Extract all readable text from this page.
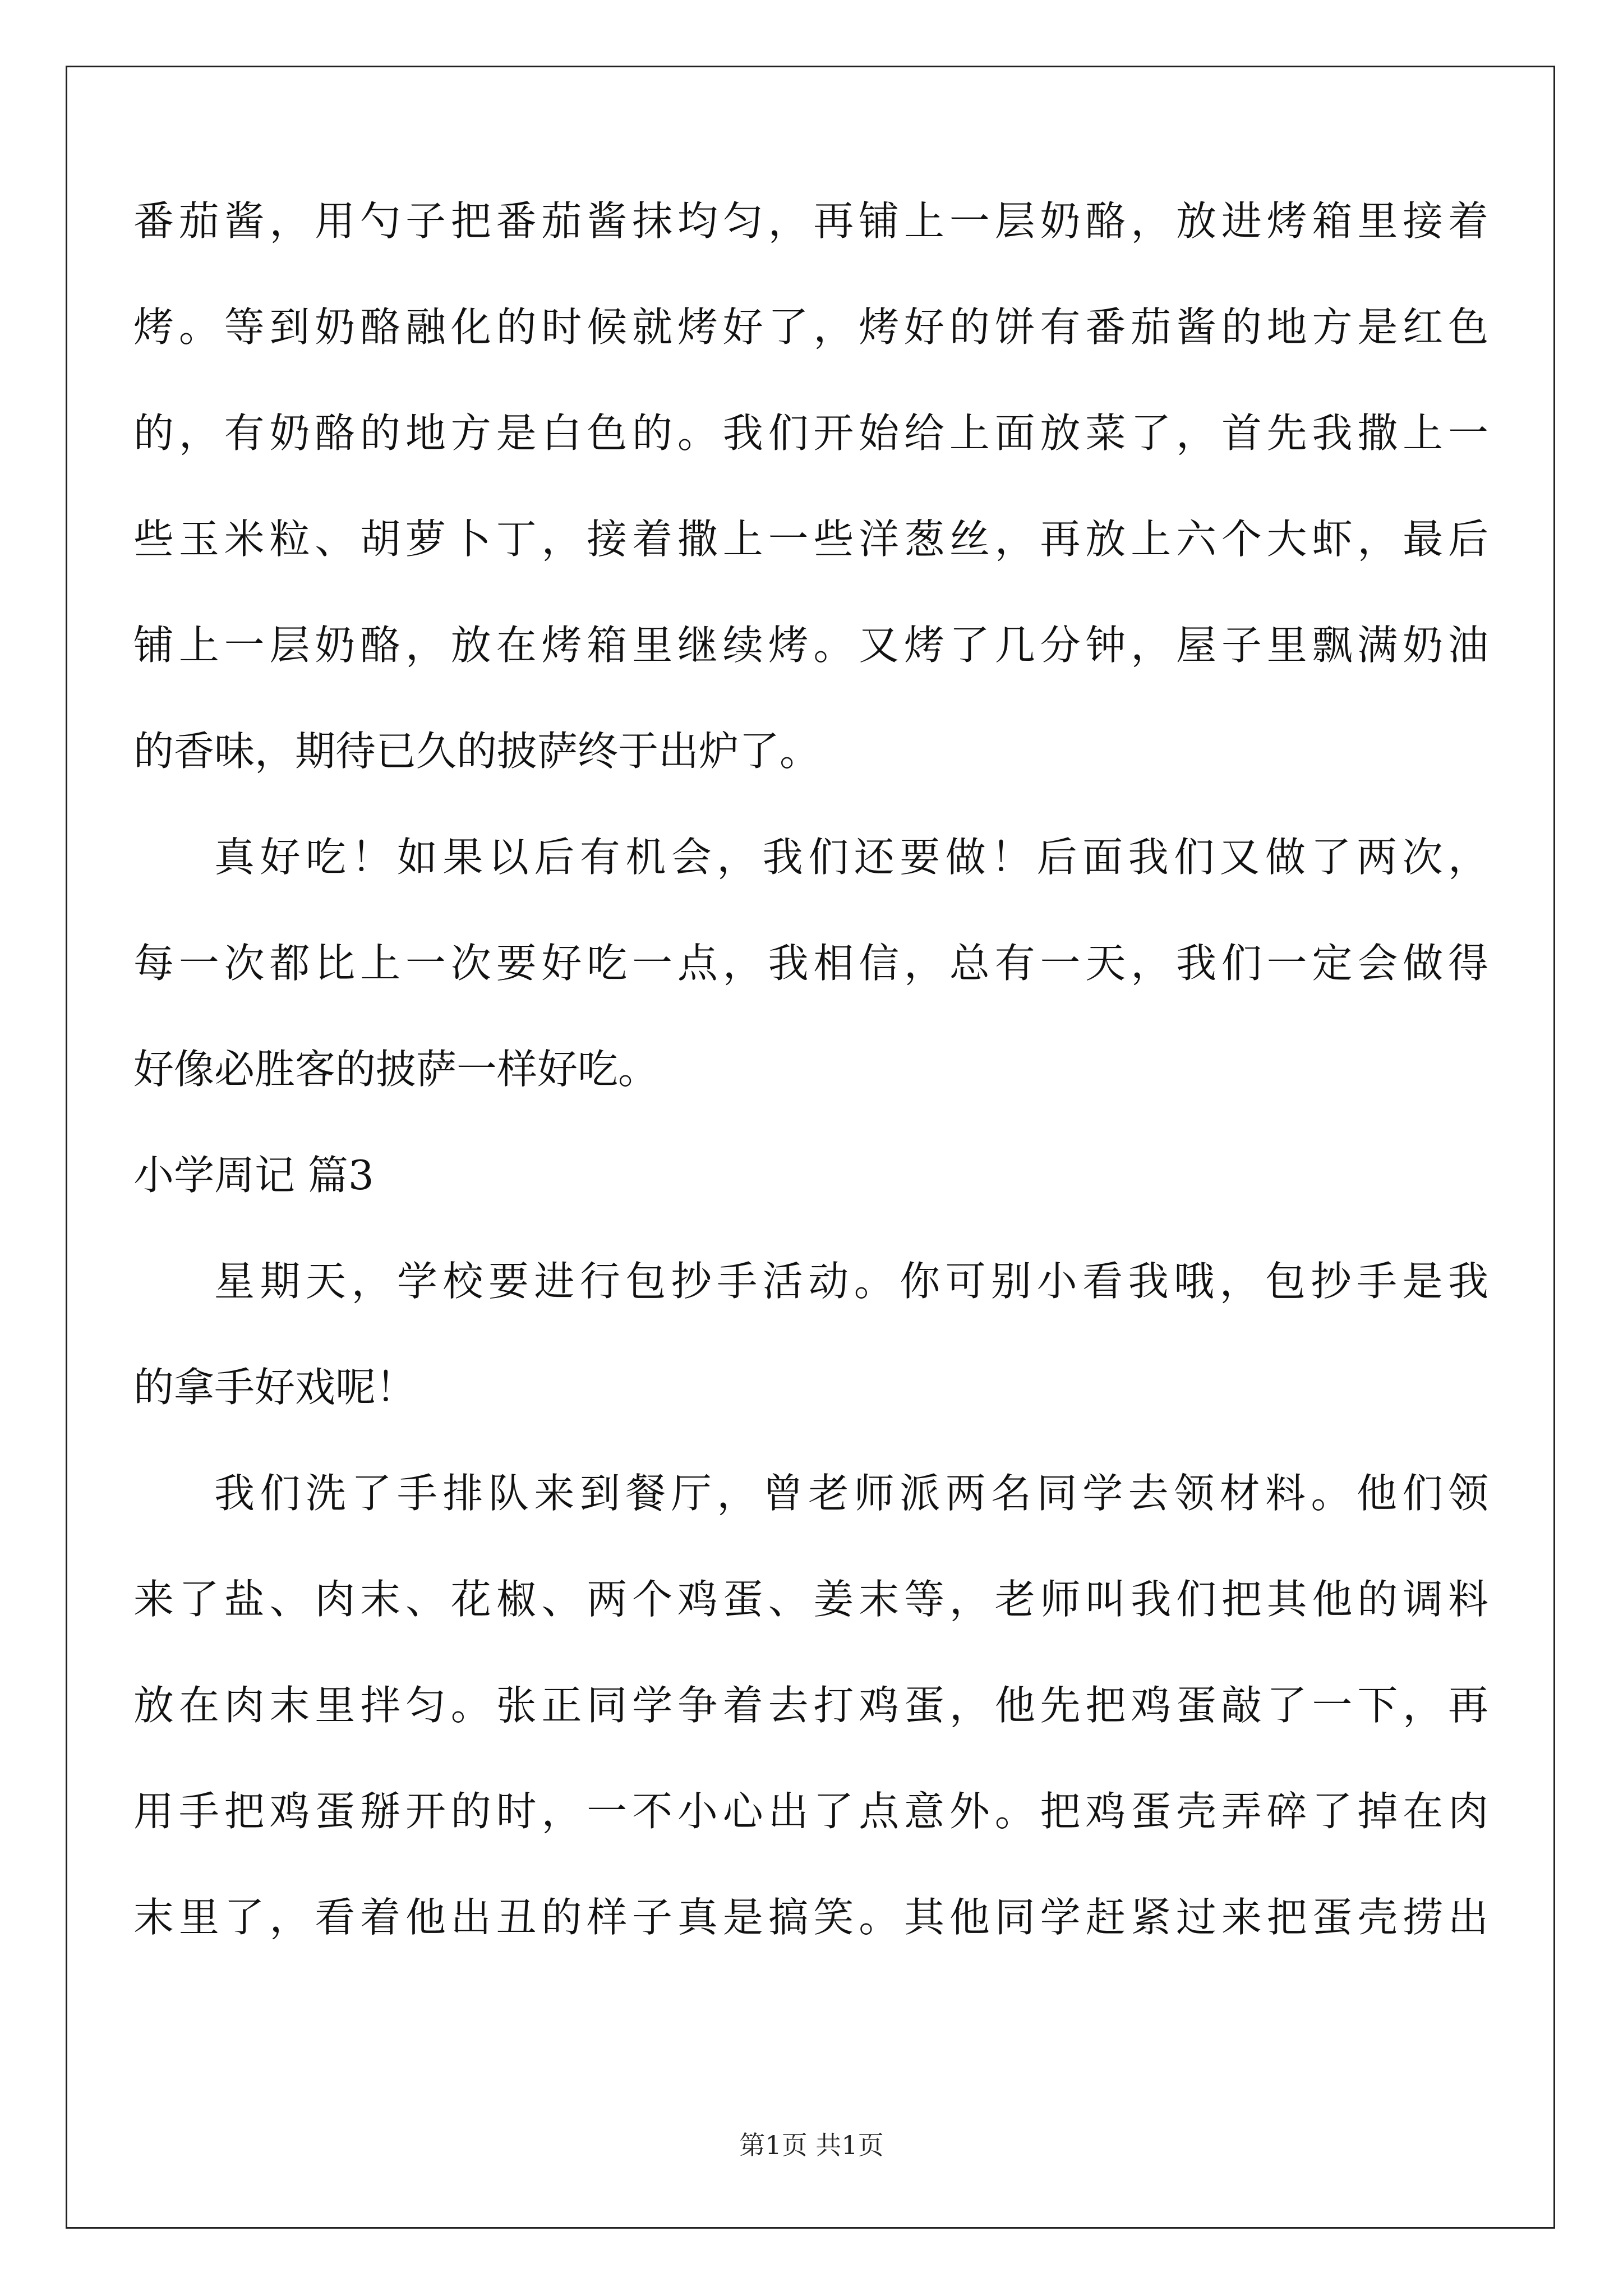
番茄酱，用勺子把番茄酱抹均匀，再铺上一层奶酪，放进烤箱里接着
烤。等到奶酪融化的时候就烤好了，烤好的饼有番茄酱的地方是红色
的，有奶酪的地方是白色的。我们开始给上面放菜了，首先我撒上一
些玉米粒、胡萝卜丁，接着撒上一些洋葱丝，再放上六个大虾，最后
铺上一层奶酪，放在烤箱里继续烤。又烤了几分钟，屋子里飘满奶油
的香味，期待已久的披萨终于出炉了。
真好吃！如果以后有机会，我们还要做！后面我们又做了两次，
每一次都比上一次要好吃一点，我相信，总有一天，我们一定会做得
好像必胜客的披萨一样好吃。
小学周记 篇3
星期天，学校要进行包抄手活动。你可别小看我哦，包抄手是我
的拿手好戏呢！
我们洗了手排队来到餐厅，曾老师派两名同学去领材料。他们领
来了盐、肉末、花椒、两个鸡蛋、姜末等，老师叫我们把其他的调料
放在肉末里拌匀。张正同学争着去打鸡蛋，他先把鸡蛋敲了一下，再
用手把鸡蛋掰开的时，一不小心出了点意外。把鸡蛋壳弄碎了掉在肉
末里了，看着他出丑的样子真是搞笑。其他同学赶紧过来把蛋壳捞出
第1页 共1页
